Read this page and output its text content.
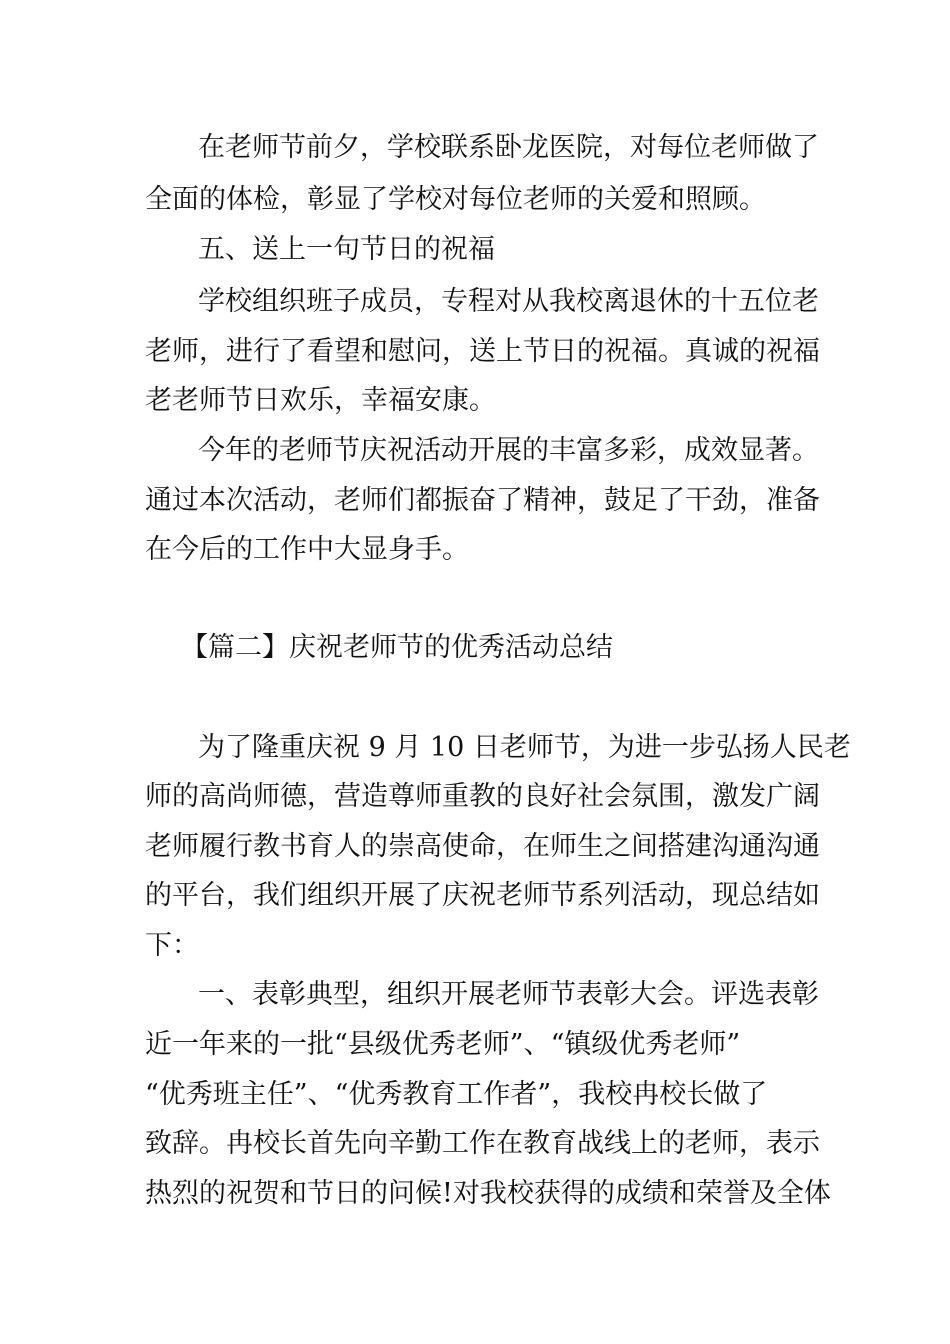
在老师节前夕，学校联系卧龙医院，对每位老师做了
全面的体检，彰显了学校对每位老师的关爱和照顾。
五、送上一句节日的祝福
学校组织班子成员，专程对从我校离退休的十五位老
老师，进行了看望和慰问，送上节日的祝福。真诚的祝福
老老师节日欢乐，幸福安康。
今年的老师节庆祝活动开展的丰富多彩，成效显著。
通过本次活动，老师们都振奋了精神，鼓足了干劲，准备
在今后的工作中大显身手。
【篇二】庆祝老师节的优秀活动总结
为了隆重庆祝 9 月 10 日老师节，为进一步弘扬人民老
师的高尚师德，营造尊师重教的良好社会氛围，激发广阔
老师履行教书育人的崇高使命，在师生之间搭建沟通沟通
的平台，我们组织开展了庆祝老师节系列活动，现总结如
下：
一、表彰典型，组织开展老师节表彰大会。评选表彰
近一年来的一批“县级优秀老师”、“镇级优秀老师”
“优秀班主任”、“优秀教育工作者”，我校冉校长做了
致辞。冉校长首先向辛勤工作在教育战线上的老师，表示
热烈的祝贺和节日的问候!对我校获得的成绩和荣誉及全体
